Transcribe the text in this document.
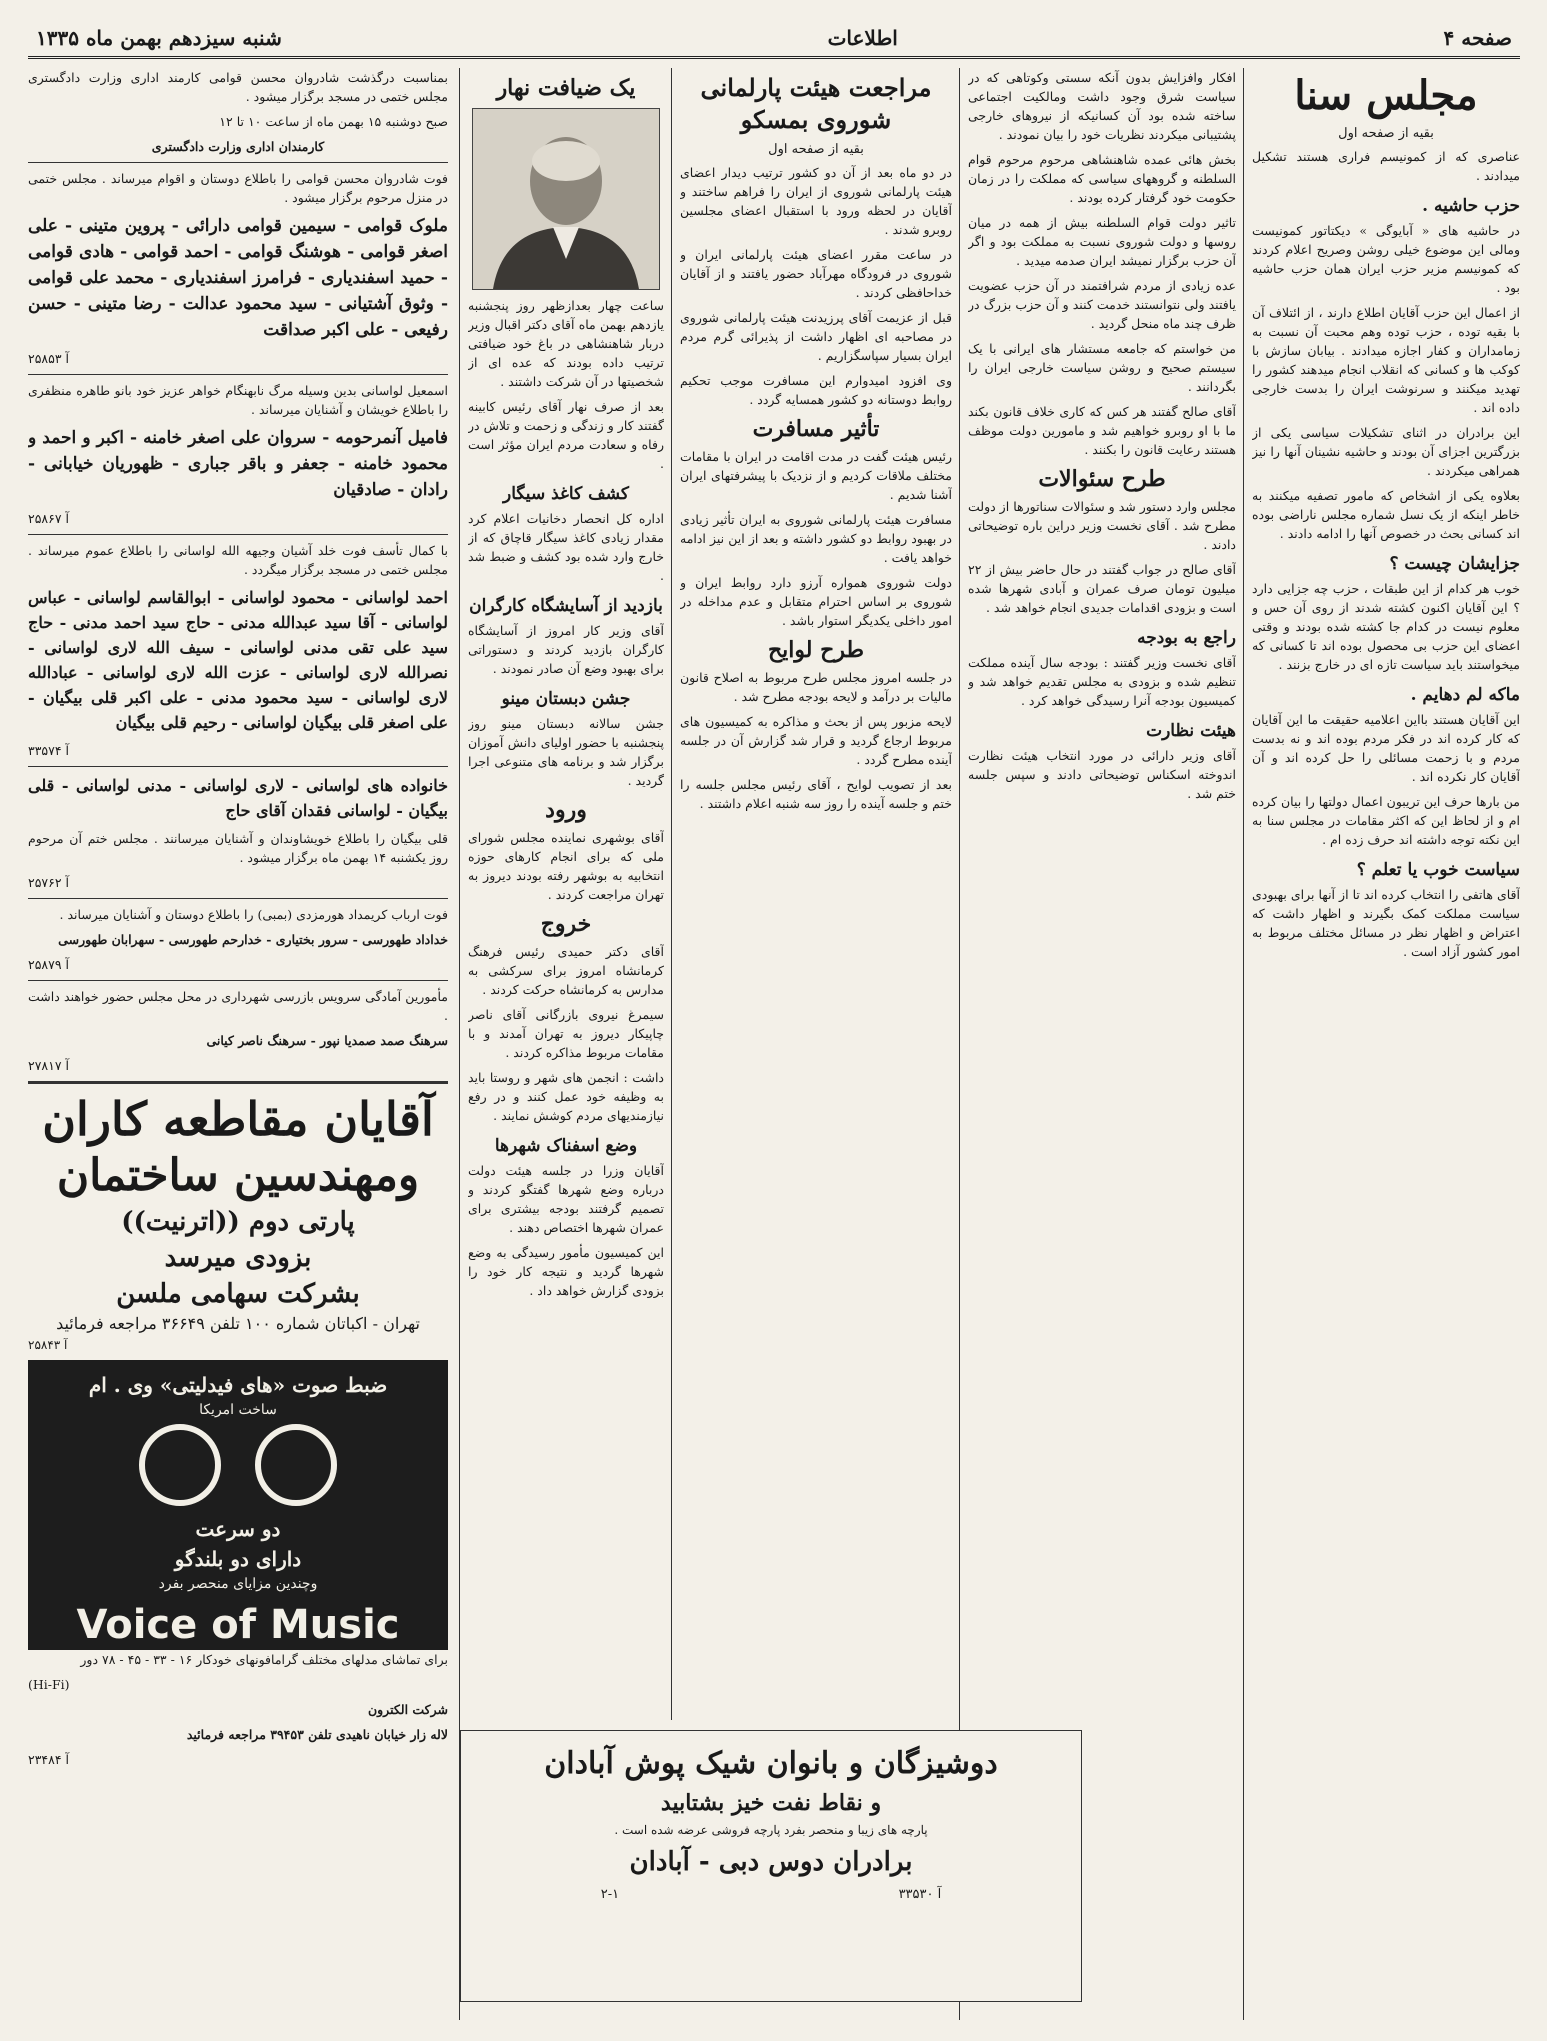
صفحه ۴
اطلاعات
شنبه سیزدهم بهمن ماه ۱۳۳۵
مجلس سنا
بقیه از صفحه اول

عناصری که از کمونیسم فراری هستند تشکیل میدادند .

حزب حاشیه .

در حاشیه های « آبایوگی » دیکتاتور کمونیست ومالی این موضوع خیلی روشن وصریح اعلام کردند که کمونیسم مزیر حزب ایران همان حزب حاشیه بود .

از اعمال این حزب آقایان اطلاع دارند ، از ائتلاف آن با بقیه توده ، حزب توده وهم محبت آن نسبت به زمامداران و کفار اجازه میدادند . بیابان سازش با کوکب ها و کسانی که انقلاب انجام میدهند کشور را تهدید میکنند و سرنوشت ایران را بدست خارجی داده اند .

این برادران در اثنای تشکیلات سیاسی یکی از بزرگترین اجزای آن بودند و حاشیه نشینان آنها را نیز همراهی میکردند .

بعلاوه یکی از اشخاص که مامور تصفیه میکنند به خاطر اینکه از یک نسل شماره مجلس ناراضی بوده اند کسانی بحث در خصوص آنها را ادامه دادند .

جزایشان چیست ؟

خوب هر کدام از این طبقات ، حزب چه جزایی دارد ؟ این آقایان اکنون کشته شدند از روی آن حس و معلوم نیست در کدام جا کشته شده بودند و وقتی اعضای این حزب بی محصول بوده اند تا کسانی که میخواستند باید سیاست تازه ای در خارج بزنند .

ماکه لم دهایم .

این آقایان هستند بااین اعلامیه حقیقت ما این آقایان که کار کرده اند در فکر مردم بوده اند و نه بدست مردم و با زحمت مسائلی را حل کرده اند و آن آقایان کار نکرده اند .

من بارها حرف این تریبون اعمال دولتها را بیان کرده ام و از لحاظ این که اکثر مقامات در مجلس سنا به این نکته توجه داشته اند حرف زده ام .

سیاست خوب یا تعلم ؟

آقای هاتفی را انتخاب کرده اند تا از آنها برای بهبودی سیاست مملکت کمک بگیرند و اظهار داشت که اعتراض و اظهار نظر در مسائل مختلف مربوط به امور کشور آزاد است .

افکار وافزایش بدون آنکه سستی وکوتاهی که در سیاست شرق وجود داشت ومالکیت اجتماعی ساخته شده بود آن کسانیکه از نیروهای خارجی پشتیبانی میکردند نظریات خود را بیان نمودند .

بخش هائی عمده شاهنشاهی مرحوم مرحوم قوام السلطنه و گروههای سیاسی که مملکت را در زمان حکومت خود گرفتار کرده بودند .

تاثیر دولت قوام السلطنه بیش از همه در میان روسها و دولت شوروی نسبت به مملکت بود و اگر آن حزب برگزار نمیشد ایران صدمه میدید .

عده زیادی از مردم شرافتمند در آن حزب عضویت یافتند ولی نتوانستند خدمت کنند و آن حزب بزرگ در ظرف چند ماه منحل گردید .

من خواستم که جامعه مستشار های ایرانی با یک سیستم صحیح و روشن سیاست خارجی ایران را بگردانند .

آقای صالح گفتند هر کس که کاری خلاف قانون بکند ما با او روبرو خواهیم شد و مامورین دولت موظف هستند رعایت قانون را بکنند .

طرح سئوالات

مجلس وارد دستور شد و سئوالات سناتورها از دولت مطرح شد . آقای نخست وزیر دراین باره توضیحاتی دادند .

آقای صالح در جواب گفتند در حال حاضر بیش از ۲۲ میلیون تومان صرف عمران و آبادی شهرها شده است و بزودی اقدامات جدیدی انجام خواهد شد .

راجع به بودجه

آقای نخست وزیر گفتند : بودجه سال آینده مملکت تنظیم شده و بزودی به مجلس تقدیم خواهد شد و کمیسیون بودجه آنرا رسیدگی خواهد کرد .

هیئت نظارت

آقای وزیر دارائی در مورد انتخاب هیئت نظارت اندوخته اسکناس توضیحاتی دادند و سپس جلسه ختم شد .

مراجعت هیئت پارلمانی شوروی بمسکو
بقیه از صفحه اول

در دو ماه بعد از آن دو کشور ترتیب دیدار اعضای هیئت پارلمانی شوروی از ایران را فراهم ساختند و آقایان در لحظه ورود با استقبال اعضای مجلسین روبرو شدند .

در ساعت مقرر اعضای هیئت پارلمانی ایران و شوروی در فرودگاه مهرآباد حضور یافتند و از آقایان خداحافظی کردند .

قبل از عزیمت آقای پرزیدنت هیئت پارلمانی شوروی در مصاحبه ای اظهار داشت از پذیرائی گرم مردم ایران بسیار سپاسگزاریم .

وی افزود امیدوارم این مسافرت موجب تحکیم روابط دوستانه دو کشور همسایه گردد .

تأثیر مسافرت

رئیس هیئت گفت در مدت اقامت در ایران با مقامات مختلف ملاقات کردیم و از نزدیک با پیشرفتهای ایران آشنا شدیم .

مسافرت هیئت پارلمانی شوروی به ایران تأثیر زیادی در بهبود روابط دو کشور داشته و بعد از این نیز ادامه خواهد یافت .

دولت شوروی همواره آرزو دارد روابط ایران و شوروی بر اساس احترام متقابل و عدم مداخله در امور داخلی یکدیگر استوار باشد .

طرح لوایح

در جلسه امروز مجلس طرح مربوط به اصلاح قانون مالیات بر درآمد و لایحه بودجه مطرح شد .

لایحه مزبور پس از بحث و مذاکره به کمیسیون های مربوط ارجاع گردید و قرار شد گزارش آن در جلسه آینده مطرح گردد .

بعد از تصویب لوایح ، آقای رئیس مجلس جلسه را ختم و جلسه آینده را روز سه شنبه اعلام داشتند .

یک ضیافت نهار

ساعت چهار بعدازظهر روز پنجشنبه یازدهم بهمن ماه آقای دکتر اقبال وزیر دربار شاهنشاهی در باغ خود ضیافتی ترتیب داده بودند که عده ای از شخصیتها در آن شرکت داشتند .

بعد از صرف نهار آقای رئیس کابینه گفتند کار و زندگی و زحمت و تلاش در رفاه و سعادت مردم ایران مؤثر است .

کشف کاغذ سیگار

اداره کل انحصار دخانیات اعلام کرد مقدار زیادی کاغذ سیگار قاچاق که از خارج وارد شده بود کشف و ضبط شد .

بازدید از آسایشگاه کارگران

آقای وزیر کار امروز از آسایشگاه کارگران بازدید کردند و دستوراتی برای بهبود وضع آن صادر نمودند .

جشن دبستان مینو

جشن سالانه دبستان مینو روز پنجشنبه با حضور اولیای دانش آموزان برگزار شد و برنامه های متنوعی اجرا گردید .

ورود

آقای بوشهری نماینده مجلس شورای ملی که برای انجام کارهای حوزه انتخابیه به بوشهر رفته بودند دیروز به تهران مراجعت کردند .

خروج

آقای دکتر حمیدی رئیس فرهنگ کرمانشاه امروز برای سرکشی به مدارس به کرمانشاه حرکت کردند .

سیمرغ نیروی بازرگانی آقای ناصر چاپیکار دیروز به تهران آمدند و با مقامات مربوط مذاکره کردند .

داشت : انجمن های شهر و روستا باید به وظیفه خود عمل کنند و در رفع نیازمندیهای مردم کوشش نمایند .

وضع اسفناک شهرها

آقایان وزرا در جلسه هیئت دولت درباره وضع شهرها گفتگو کردند و تصمیم گرفتند بودجه بیشتری برای عمران شهرها اختصاص دهند .

این کمیسیون مأمور رسیدگی به وضع شهرها گردید و نتیجه کار خود را بزودی گزارش خواهد داد .

بمناسبت درگذشت شادروان محسن قوامی کارمند اداری وزارت دادگستری مجلس ختمی در مسجد برگزار میشود .

صبح دوشنبه ۱۵ بهمن ماه از ساعت ۱۰ تا ۱۲

کارمندان اداری وزارت دادگستری

فوت شادروان محسن قوامی را باطلاع دوستان و اقوام میرساند . مجلس ختمی در منزل مرحوم برگزار میشود .

ملوک قوامی - سیمین قوامی دارائی - پروین متینی - علی اصغر قوامی - هوشنگ قوامی - احمد قوامی - هادی قوامی - حمید اسفندیاری - فرامرز اسفندیاری - محمد علی قوامی - وثوق آشتیانی - سید محمود عدالت - رضا متینی - حسن رفیعی - علی اکبر صداقت

آ ۲۵۸۵۳

اسمعیل لواسانی بدین وسیله مرگ نابهنگام خواهر عزیز خود بانو طاهره منظفری را باطلاع خویشان و آشنایان میرساند .

فامیل آنمرحومه - سروان علی اصغر خامنه - اکبر و احمد و محمود خامنه - جعفر و باقر جباری - ظهوریان خیابانی - رادان - صادقیان

آ ۲۵۸۶۷

با کمال تأسف فوت خلد آشیان وجیهه الله لواسانی را باطلاع عموم میرساند . مجلس ختمی در مسجد برگزار میگردد .

احمد لواسانی - محمود لواسانی - ابوالقاسم لواسانی - عباس لواسانی - آقا سید عبدالله مدنی - حاج سید احمد مدنی - حاج سید علی تقی مدنی لواسانی - سیف الله لاری لواسانی - نصرالله لاری لواسانی - عزت الله لاری لواسانی - عبادالله لاری لواسانی - سید محمود مدنی - علی اکبر قلی بیگیان - علی اصغر قلی بیگیان لواسانی - رحیم قلی بیگیان

آ ۳۳۵۷۴

خانواده های لواسانی - لاری لواسانی - مدنی لواسانی - قلی بیگیان - لواسانی فقدان آقای حاج

قلی بیگیان را باطلاع خویشاوندان و آشنایان میرسانند . مجلس ختم آن مرحوم روز یکشنبه ۱۴ بهمن ماه برگزار میشود .

آ ۲۵۷۶۲

فوت ارباب کریمداد هورمزدی (بمبی) را باطلاع دوستان و آشنایان میرساند .

خداداد طهورسی - سرور بختیاری - خدارحم طهورسی - سهرابان طهورسی

آ ۲۵۸۷۹

مأمورین آمادگی سرویس بازرسی شهرداری در محل مجلس حضور خواهند داشت .

سرهنگ صمد صمدیا نپور - سرهنگ ناصر کیانی

آ ۲۷۸۱۷

آقایان مقاطعه کاران
ومهندسین ساختمان
پارتی دوم ((اترنیت))
بزودی میرسد
بشرکت سهامی ملسن
تهران - اکباتان شماره ۱۰۰ تلفن ۳۶۶۴۹ مراجعه فرمائید
آ ۲۵۸۴۳
ضبط صوت «های فیدلیتی» وی . ام
ساخت امریکا

دو سرعت
دارای دو بلندگو
وچندین مزایای منحصر بفرد
Voice of Music

برای تماشای مدلهای مختلف گرامافونهای خودکار ۱۶ - ۳۳ - ۴۵ - ۷۸ دور

(Hi-Fi)

شرکت الکترون

لاله زار خیابان ناهیدی تلفن ۳۹۴۵۳ مراجعه فرمائید

آ ۲۳۴۸۴	دوشیزگان و بانوان شیک پوش آبادان
و نقاط نفت خیز بشتابید

پارچه های زیبا و منحصر بفرد پارچه فروشی عرضه شده است .

برادران دوس دبی - آبادان
۲-۱	آ ۳۳۵۳۰
